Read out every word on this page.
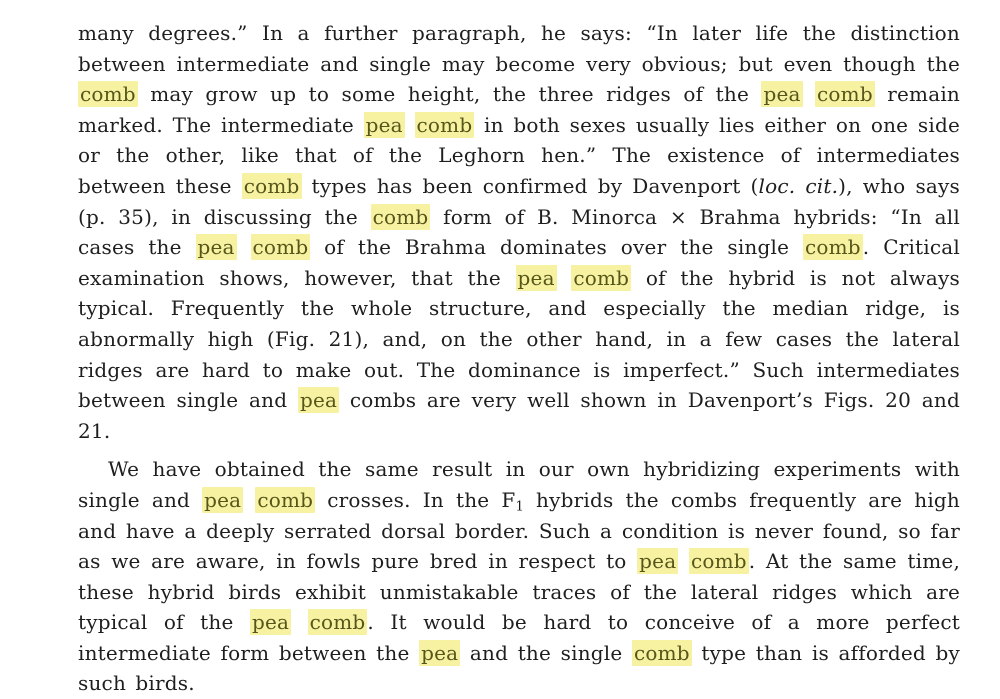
many degrees.” In a further paragraph, he says: “In later life the distinction between intermediate and single may become very obvious; but even though the comb may grow up to some height, the three ridges of the pea comb remain marked. The intermediate pea comb in both sexes usually lies either on one side or the other, like that of the Leghorn hen.” The existence of intermediates between these comb types has been confirmed by Davenport (loc. cit.), who says (p. 35), in discussing the comb form of B. Minorca × Brahma hybrids: “In all cases the pea comb of the Brahma dominates over the single comb . Critical examination shows, however, that the pea comb of the hybrid is not always typical. Frequently the whole structure, and especially the median ridge, is abnormally high (Fig. 21), and, on the other hand, in a few cases the lateral ridges are hard to make out. The dominance is imperfect.” Such intermediates between single and pea combs are very well shown in Davenport’s Figs. 20 and 21.

We have obtained the same result in our own hybridizing experiments with single and pea comb crosses. In the $F_1$ hybrids the combs frequently are high and have a deeply serrated dorsal border. Such a condition is never found, so far as we are aware, in fowls pure bred in respect to pea comb . At the same time, these hybrid birds exhibit unmistakable traces of the lateral ridges which are typical of the pea comb . It would be hard to conceive of a more perfect intermediate form between the pea and the single comb type than is afforded by such birds.
